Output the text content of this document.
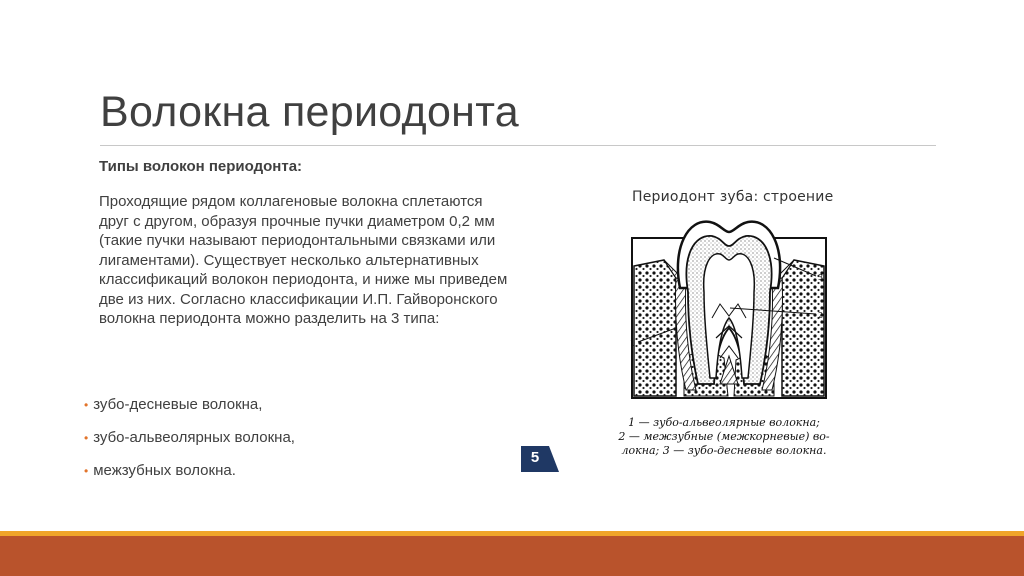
Волокна периодонта

Типы волокон периодонта:

Проходящие рядом коллагеновые волокна сплетаются друг с другом, образуя прочные пучки диаметром 0,2 мм (такие пучки называют периодонтальными связками или лигаментами). Существует несколько альтернативных классификаций волокон периодонта, и ниже мы приведем две из них. Согласно классификации И.П. Гайворонского волокна периодонта можно разделить на 3 типа:

• зубо-десневые волокна,
• зубо-альвеолярных волокна,
• межзубных волокна.
5

Периодонт зуба: строение

3
2
1
1 — зубо-альвеолярные волокна;
2 — межзубные (межкорневые) во-
локна; 3 — зубо-десневые волокна.
